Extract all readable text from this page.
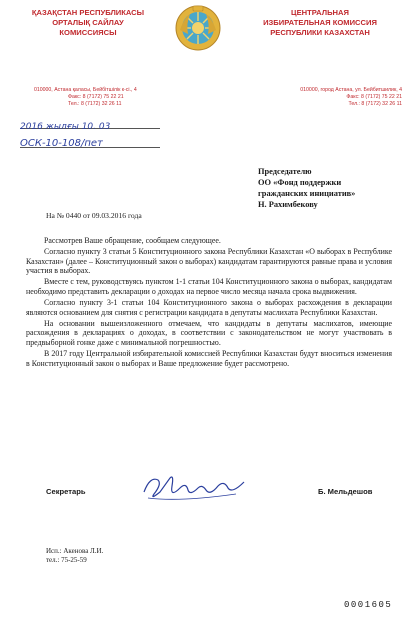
ҚАЗАҚСТАН РЕСПУБЛИКАСЫ
ОРТАЛЫҚ САЙЛАУ
КОМИССИЯСЫ
ЦЕНТРАЛЬНАЯ
ИЗБИРАТЕЛЬНАЯ КОМИССИЯ
РЕСПУБЛИКИ КАЗАХСТАН
010000, Астана қаласы, Бейбітшілік к-сі., 4
Факс: 8 (7172) 75 22 21
Тел.: 8 (7172) 32 26 11
010000, город Астана, ул. Бейбитшилик, 4
Факс: 8 (7172) 75 22 21
Тел.: 8 (7172) 32 26 11
2016 жылғы 10. 03
ОСК-10-108/пет
Председателю
ОО «Фонд поддержки
гражданских инициатив»
Н. Рахимбекову
На № 0440 от 09.03.2016 года

Рассмотрев Ваше обращение, сообщаем следующее.

Согласно пункту 3 статьи 5 Конституционного закона Республики Казахстан «О выборах в Республике Казахстан» (далее – Конституционный закон о выборах) кандидатам гарантируются равные права и условия участия в выборах.

Вместе с тем, руководствуясь пунктом 1-1 статьи 104 Конституционного закона о выборах, кандидатам необходимо представить декларации о доходах на первое число месяца начала срока выдвижения.

Согласно пункту 3-1 статьи 104 Конституционного закона о выборах расхождения в декларации являются основанием для снятия с регистрации кандидата в депутаты маслихата Республики Казахстан.

На основании вышеизложенного отмечаем, что кандидаты в депутаты маслихатов, имеющие расхождения в декларациях о доходах, в соответствии с законодательством не могут участвовать в предвыборной гонке даже с минимальной погрешностью.

В 2017 году Центральной избирательной комиссией Республики Казахстан будут вноситься изменения в Конституционный закон о выборах и Ваше предложение будет рассмотрено.

Секретарь	Б. Мельдешов
Исп.: Акенова Л.И.
тел.: 75-25-59
0001605
